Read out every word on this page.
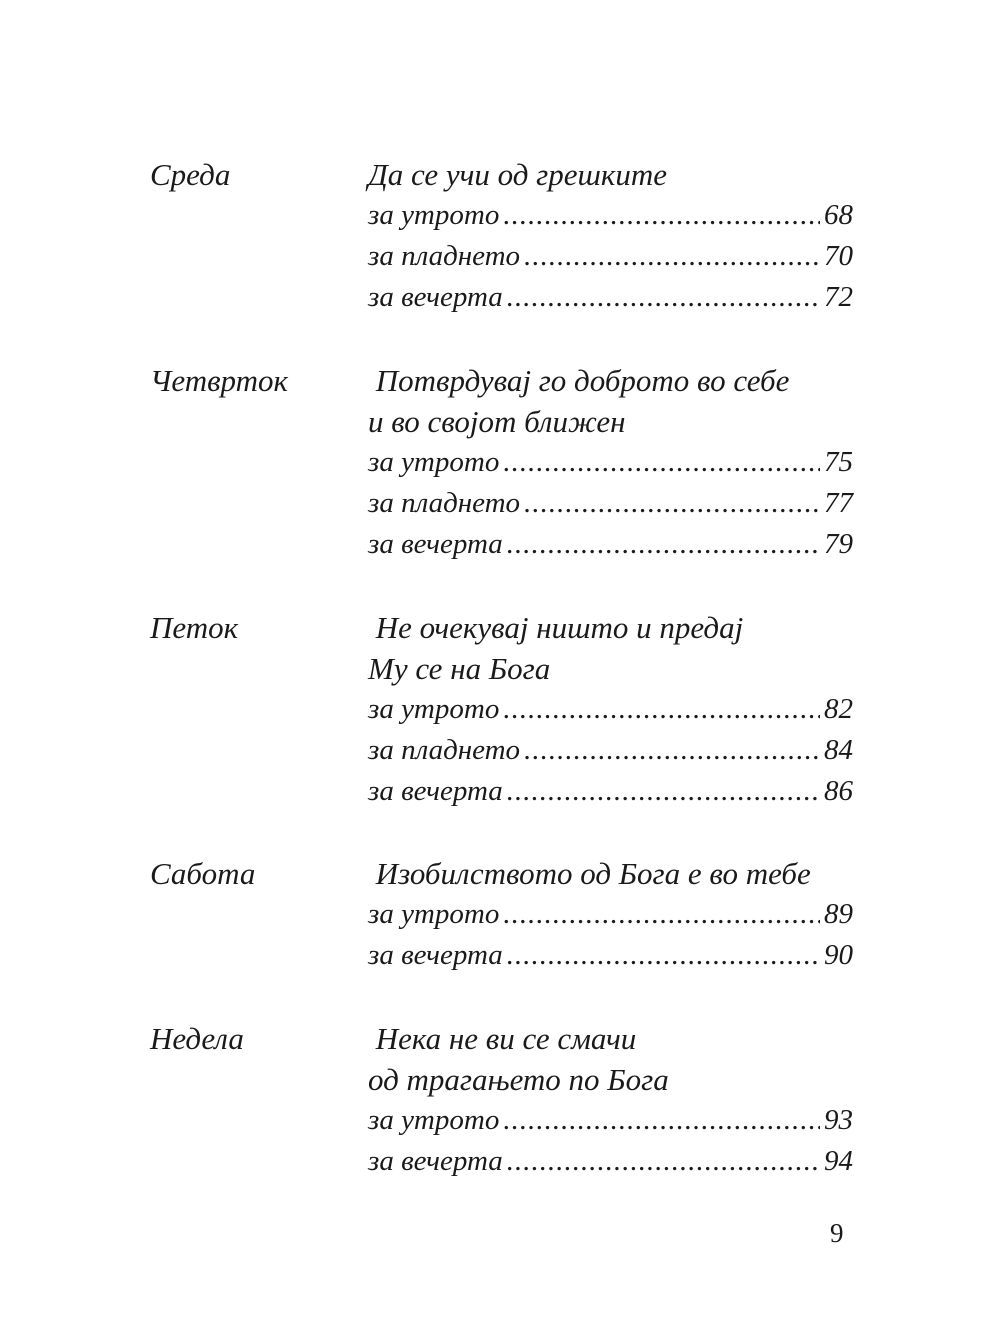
Среда	Да се учи од грешките
за утрото .....	68
за пладнето .....	70
за вечерта .....	72
Четврток	Потврдувај го доброто во себе
и во својот ближен
за утрото .....	75
за пладнето .....	77
за вечерта .....	79
Петок	Не очекувај ништо и предај
Му се на Бога
за утрото .....	82
за пладнето .....	84
за вечерта .....	86
Сабота	Изобилството од Бога е во тебе
за утрото .....	89
за вечерта .....	90
Недела	Нека не ви се смачи
од трагањето по Бога
за утрото .....	93
за вечерта .....	94
9
